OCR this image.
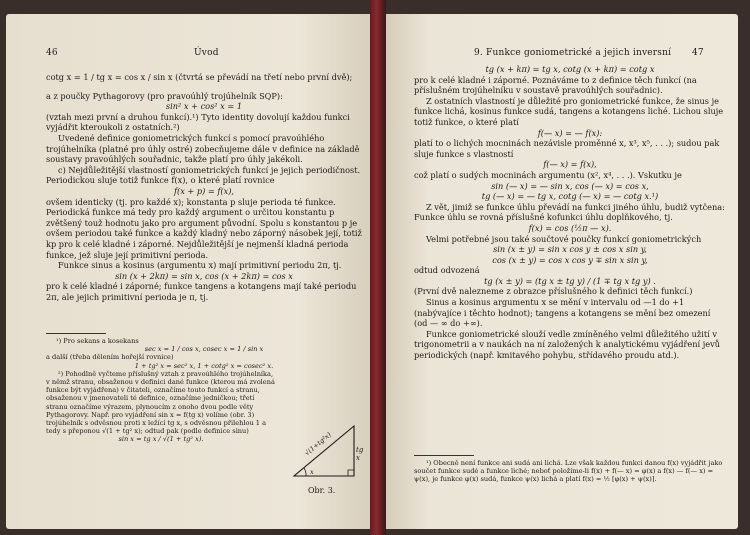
46	Úvod

cotg x = 1 / tg x = cos x / sin x (čtvrtá se převádí na třetí nebo první dvě);

a z poučky Pythagorovy (pro pravoúhlý trojúhelník SQP):

sin² x + cos² x = 1

(vztah mezi první a druhou funkcí).¹) Tyto identity dovolují každou funkci vyjádřit kteroukoli z ostatních.²)

Uvedené definice goniometrických funkcí s pomocí pravoúhlého trojúhelníka (platné pro úhly ostré) zobecňujeme dále v definice na základě soustavy pravoúhlých souřadnic, takže platí pro úhly jakékoli.

c) Nejdůležitější vlastností goniometrických funkcí je jejich periodičnost. Periodickou sluje totiž funkce f(x), o které platí rovnice

f(x + p) = f(x),

ovšem identicky (tj. pro každé x); konstanta p sluje perioda té funkce. Periodická funkce má tedy pro každý argument o určitou konstantu p zvětšený touž hodnotu jako pro argument původní. Spolu s konstantou p je ovšem periodou také funkce a každý kladný nebo záporný násobek její, totiž kp pro k celé kladné i záporné. Nejdůležitější je nejmenší kladná perioda funkce, jež sluje její primitivní perioda.

Funkce sinus a kosinus (argumentu x) mají primitivní periodu 2π, tj.

sin (x + 2kπ) = sin x, cos (x + 2kπ) = cos x

pro k celé kladné i záporné; funkce tangens a kotangens mají také periodu 2π, ale jejich primitivní perioda je π, tj.

¹) Pro sekans a kosekans

sec x = 1 / cos x, cosec x = 1 / sin x

a další (třeba dělením hořejší rovnice)

1 + tg² x = sec² x, 1 + cotg² x = cosec² x.

²) Pohodlně vyčteme příslušný vztah z pravoúhlého trojúhelníka, v němž stranu, obsaženou v definici dané funkce (kterou má zvolená funkce být vyjádřena) v čitateli, označíme touto funkcí a stranu, obsaženou v jmenovateli té definice, označíme jedničkou; třetí stranu označíme výrazem, plynoucím z onoho dvou podle věty Pythagorovy. Např. pro vyjádření sin x = f(tg x) volíme (obr. 3) trojúhelník s odvěsnou proti x ležící tg x, s odvěsnou přilehlou 1 a tedy s přeponou √(1 + tg² x); odtud pak (podle definice sinu)

sin x = tg x / √(1 + tg² x).	√(1+tg²x)	tg x
x
Obr. 3.
9. Funkce goniometrické a jejich inversní 47

tg (x + kπ) = tg x, cotg (x + kπ) = cotg x

pro k celé kladné i záporné. Poznáváme to z definice těch funkcí (na příslušném trojúhelníku v soustavě pravoúhlých souřadnic).

Z ostatních vlastností je důležité pro goniometrické funkce, že sinus je funkce lichá, kosinus funkce sudá, tangens a kotangens liché. Lichou sluje totiž funkce, o které platí

f(— x) = — f(x):

platí to o lichých mocninách nezávisle proměnné x, x³, x⁵, . . .); sudou pak sluje funkce s vlastností

f(— x) = f(x),

což platí o sudých mocninách argumentu (x², x⁴, . . .). Vskutku je

sin (— x) = — sin x, cos (— x) = cos x,

tg (— x) = — tg x, cotg (— x) = — cotg x.¹)

Z vět, jimiž se funkce úhlu převádí na funkci jiného úhlu, budiž vytčena: Funkce úhlu se rovná příslušné kofunkci úhlu doplňkového, tj.

f(x) = cos (½π — x).

Velmi potřebné jsou také součtové poučky funkcí goniometrických

sin (x ± y) = sin x cos y ± cos x sin y,

cos (x ± y) = cos x cos y ∓ sin x sin y,

odtud odvozená

tg (x ± y) = (tg x ± tg y) / (1 ∓ tg x tg y) .

(První dvě nalezneme z obrazce příslušného k definici těch funkcí.)

Sinus a kosinus argumentu x se mění v intervalu od —1 do +1 (nabývajíce i těchto hodnot); tangens a kotangens se mění bez omezení (od — ∞ do +∞).

Funkce goniometrické slouží vedle zmíněného velmi důležitého užití v trigonometrii a v naukách na ní založených k analytickému vyjádření jevů periodických (např. kmitavého pohybu, střídavého proudu atd.).

¹) Obecně není funkce ani sudá ani lichá. Lze však každou funkci danou f(x) vyjádřit jako součet funkce sudé a funkce liché; neboť položíme-li f(x) + f(— x) = φ(x) a f(x) — f(— x) = ψ(x), je funkce φ(x) sudá, funkce ψ(x) lichá a platí f(x) = ½ [φ(x) + ψ(x)].
